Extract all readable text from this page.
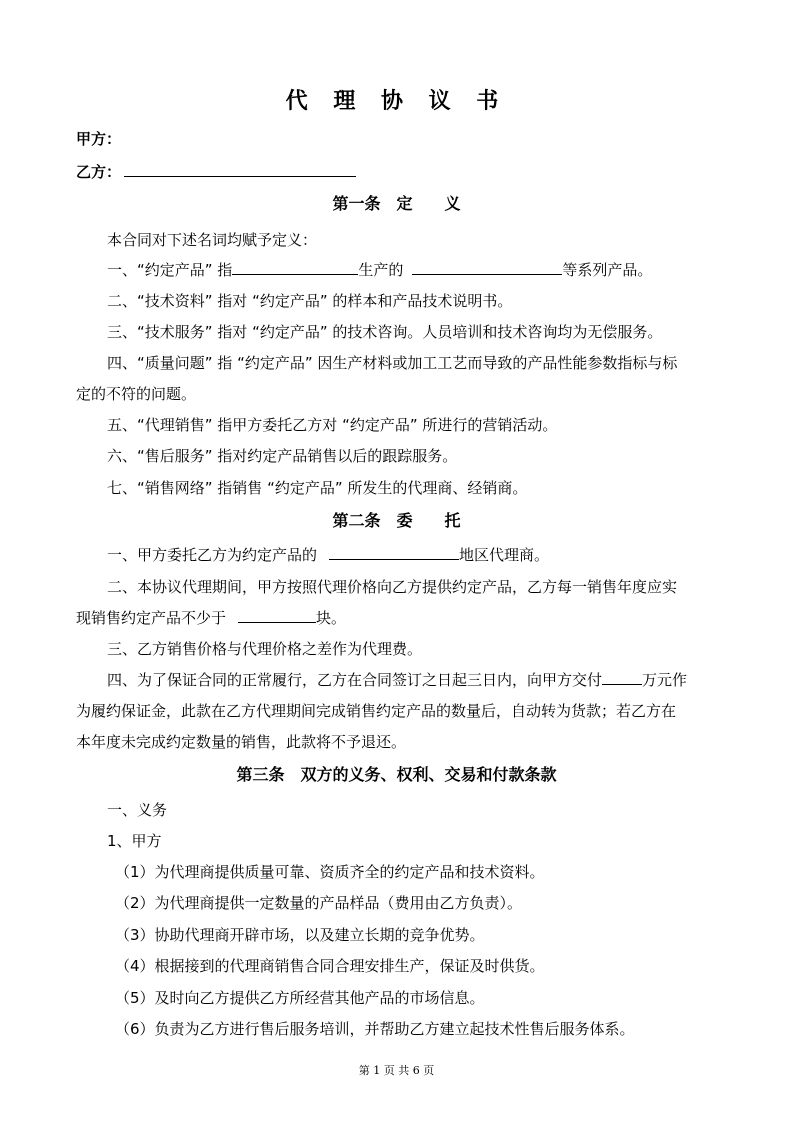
代 理 协 议 书
甲方：
乙方：
第一条　定　　义
本合同对下述名词均赋予定义：
一、“约定产品” 指	生产的	等系列产品。
二、“技术资料” 指对 “约定产品” 的样本和产品技术说明书。
三、“技术服务” 指对 “约定产品” 的技术咨询。人员培训和技术咨询均为无偿服务。
四、“质量问题” 指 “约定产品” 因生产材料或加工工艺而导致的产品性能参数指标与标
定的不符的问题。
五、“代理销售” 指甲方委托乙方对 “约定产品” 所进行的营销活动。
六、“售后服务” 指对约定产品销售以后的跟踪服务。
七、“销售网络” 指销售 “约定产品” 所发生的代理商、经销商。
第二条　委　　托
一、甲方委托乙方为约定产品的	地区代理商。
二、本协议代理期间，甲方按照代理价格向乙方提供约定产品，乙方每一销售年度应实
现销售约定产品不少于	块。
三、乙方销售价格与代理价格之差作为代理费。
四、为了保证合同的正常履行，乙方在合同签订之日起三日内，向甲方交付	万元作
为履约保证金，此款在乙方代理期间完成销售约定产品的数量后，自动转为货款；若乙方在
本年度未完成约定数量的销售，此款将不予退还。
第三条　双方的义务、权利、交易和付款条款
一、义务
1、甲方
（1）为代理商提供质量可靠、资质齐全的约定产品和技术资料。
（2）为代理商提供一定数量的产品样品（费用由乙方负责）。
（3）协助代理商开辟市场，以及建立长期的竞争优势。
（4）根据接到的代理商销售合同合理安排生产，保证及时供货。
（5）及时向乙方提供乙方所经营其他产品的市场信息。
（6）负责为乙方进行售后服务培训，并帮助乙方建立起技术性售后服务体系。
第 1 页 共 6 页
